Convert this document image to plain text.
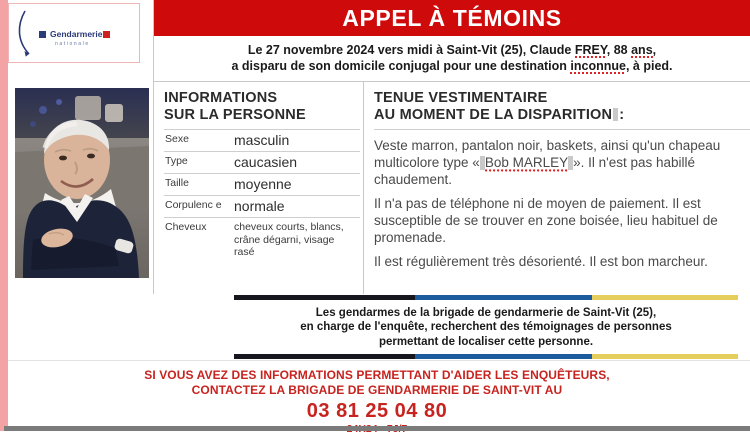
Gendarmerie
nationale
APPEL À TÉMOINS
Le 27 novembre 2024 vers midi à Saint-Vit (25), Claude FREY, 88 ans,
a disparu de son domicile conjugal pour une destination inconnue, à pied.
INFORMATIONS
SUR LA PERSONNE
Sexe	masculin
Type	caucasien
Taille	moyenne
Corpulenc e	normale
Cheveux	cheveux courts, blancs, crâne dégarni, visage rasé
TENUE VESTIMENTAIRE
AU MOMENT DE LA DISPARITION :
Veste marron, pantalon noir, baskets, ainsi qu'un chapeau
multicolore type « Bob MARLEY ». Il n'est pas habillé
chaudement.
Il n'a pas de téléphone ni de moyen de paiement. Il est
susceptible de se trouver en zone boisée, lieu habituel de
promenade.
Il est régulièrement très désorienté. Il est bon marcheur.
Les gendarmes de la brigade de gendarmerie de Saint-Vit (25),
en charge de l'enquête, recherchent des témoignages de personnes
permettant de localiser cette personne.
SI VOUS AVEZ DES INFORMATIONS PERMETTANT D'AIDER LES ENQUÊTEURS,
CONTACTEZ LA BRIGADE DE GENDARMERIE DE SAINT-VIT AU
03 81 25 04 80
